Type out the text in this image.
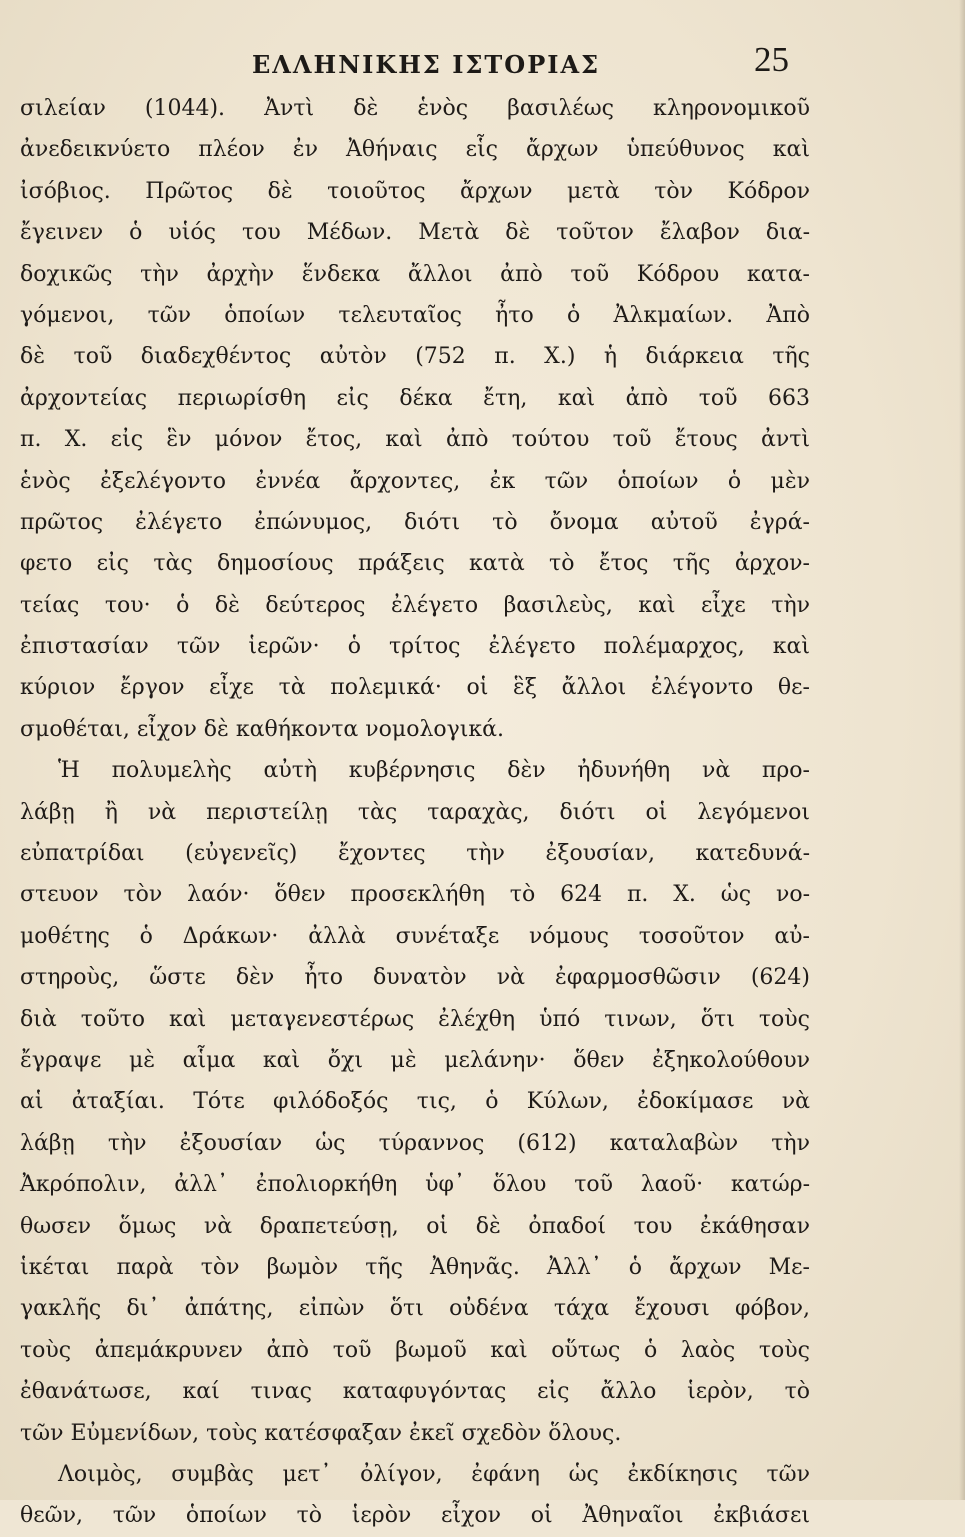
ΕΛΛΗΝΙΚΗΣ ΙΣΤΟΡΙΑΣ	25
σιλείαν (1044). Ἀντὶ δὲ ἑνὸς βασιλέως κληρονομικοῦ
ἀνεδεικνύετο πλέον ἐν Ἀθήναις εἷς ἄρχων ὑπεύθυνος καὶ
ἰσόβιος. Πρῶτος δὲ τοιοῦτος ἄρχων μετὰ τὸν Κόδρον
ἔγεινεν ὁ υἱός του Μέδων. Μετὰ δὲ τοῦτον ἔλαβον δια-
δοχικῶς τὴν ἀρχὴν ἕνδεκα ἄλλοι ἀπὸ τοῦ Κόδρου κατα-
γόμενοι, τῶν ὁποίων τελευταῖος ἦτο ὁ Ἀλκμαίων. Ἀπὸ
δὲ τοῦ διαδεχθέντος αὐτὸν (752 π. Χ.) ἡ διάρκεια τῆς
ἀρχοντείας περιωρίσθη εἰς δέκα ἔτη, καὶ ἀπὸ τοῦ 663
π. Χ. εἰς ἓν μόνον ἔτος, καὶ ἀπὸ τούτου τοῦ ἔτους ἀντὶ
ἑνὸς ἐξελέγοντο ἐννέα ἄρχοντες, ἐκ τῶν ὁποίων ὁ μὲν
πρῶτος ἐλέγετο ἐπώνυμος, διότι τὸ ὄνομα αὐτοῦ ἐγρά-
φετο εἰς τὰς δημοσίους πράξεις κατὰ τὸ ἔτος τῆς ἀρχον-
τείας του· ὁ δὲ δεύτερος ἐλέγετο βασιλεὺς, καὶ εἶχε τὴν
ἐπιστασίαν τῶν ἱερῶν· ὁ τρίτος ἐλέγετο πολέμαρχος, καὶ
κύριον ἔργον εἶχε τὰ πολεμικά· οἱ ἓξ ἄλλοι ἐλέγοντο θε-
σμοθέται, εἶχον δὲ καθήκοντα νομολογικά.
Ἡ πολυμελὴς αὐτὴ κυβέρνησις δὲν ἠδυνήθη νὰ προ-
λάβῃ ἢ νὰ περιστείλῃ τὰς ταραχὰς, διότι οἱ λεγόμενοι
εὐπατρίδαι (εὐγενεῖς) ἔχοντες τὴν ἐξουσίαν, κατεδυνά-
στευον τὸν λαόν· ὅθεν προσεκλήθη τὸ 624 π. Χ. ὡς νο-
μοθέτης ὁ Δράκων· ἀλλὰ συνέταξε νόμους τοσοῦτον αὐ-
στηροὺς, ὥστε δὲν ἦτο δυνατὸν νὰ ἐφαρμοσθῶσιν (624)
διὰ τοῦτο καὶ μεταγενεστέρως ἐλέχθη ὑπό τινων, ὅτι τοὺς
ἔγραψε μὲ αἷμα καὶ ὄχι μὲ μελάνην· ὅθεν ἐξηκολούθουν
αἱ ἀταξίαι. Τότε φιλόδοξός τις, ὁ Κύλων, ἐδοκίμασε νὰ
λάβῃ τὴν ἐξουσίαν ὡς τύραννος (612) καταλαβὼν τὴν
Ἀκρόπολιν, ἀλλ᾽ ἐπολιορκήθη ὑφ᾽ ὅλου τοῦ λαοῦ· κατώρ-
θωσεν ὅμως νὰ δραπετεύσῃ, οἱ δὲ ὀπαδοί του ἐκάθησαν
ἱκέται παρὰ τὸν βωμὸν τῆς Ἀθηνᾶς. Ἀλλ᾽ ὁ ἄρχων Με-
γακλῆς δι᾽ ἀπάτης, εἰπὼν ὅτι οὐδένα τάχα ἔχουσι φόβον,
τοὺς ἀπεμάκρυνεν ἀπὸ τοῦ βωμοῦ καὶ οὕτως ὁ λαὸς τοὺς
ἐθανάτωσε, καί τινας καταφυγόντας εἰς ἄλλο ἱερὸν, τὸ
τῶν Εὐμενίδων, τοὺς κατέσφαξαν ἐκεῖ σχεδὸν ὅλους.
Λοιμὸς, συμβὰς μετ᾽ ὀλίγον, ἐφάνη ὡς ἐκδίκησις τῶν
θεῶν, τῶν ὁποίων τὸ ἱερὸν εἶχον οἱ Ἀθηναῖοι ἐκβιάσει
